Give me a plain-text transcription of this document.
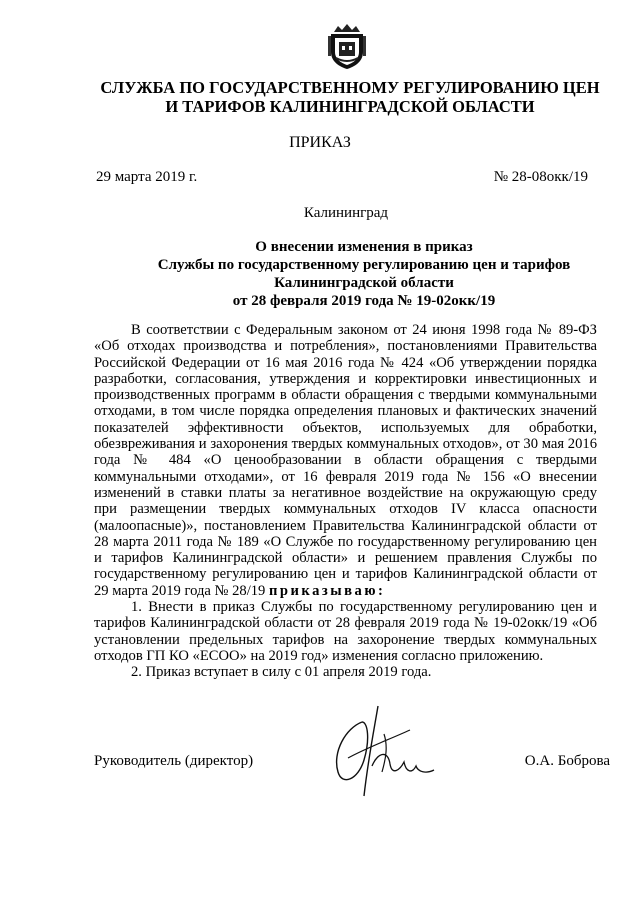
СЛУЖБА ПО ГОСУДАРСТВЕННОМУ РЕГУЛИРОВАНИЮ ЦЕН
И ТАРИФОВ КАЛИНИНГРАДСКОЙ ОБЛАСТИ
ПРИКАЗ
29 марта 2019 г.	№ 28-08окк/19
Калининград
О внесении изменения в приказ
Службы по государственному регулированию цен и тарифов
Калининградской области
от 28 февраля 2019 года № 19-02окк/19

В соответствии с Федеральным законом от 24 июня 1998 года № 89-ФЗ «Об отходах производства и потребления», постановлениями Правительства Российской Федерации от 16 мая 2016 года № 424 «Об утверждении порядка разработки, согласования, утверждения и корректировки инвестиционных и производственных программ в области обращения с твердыми коммунальными отходами, в том числе порядка определения плановых и фактических значений показателей эффективности объектов, используемых для обработки, обезвреживания и захоронения твердых коммунальных отходов», от 30 мая 2016 года № 484 «О ценообразовании в области обращения с твердыми коммунальными отходами», от 16 февраля 2019 года № 156 «О внесении изменений в ставки платы за негативное воздействие на окружающую среду при размещении твердых коммунальных отходов IV класса опасности (малоопасные)», постановлением Правительства Калининградской области от 28 марта 2011 года № 189 «О Службе по государственному регулированию цен и тарифов Калининградской области» и решением правления Службы по государственному регулированию цен и тарифов Калининградской области от 29 марта 2019 года № 28/19 приказываю:

1. Внести в приказ Службы по государственному регулированию цен и тарифов Калининградской области от 28 февраля 2019 года № 19-02окк/19 «Об установлении предельных тарифов на захоронение твердых коммунальных отходов ГП КО «ЕСОО» на 2019 год» изменения согласно приложению.

2. Приказ вступает в силу с 01 апреля 2019 года.

Руководитель (директор)	О.А. Боброва
